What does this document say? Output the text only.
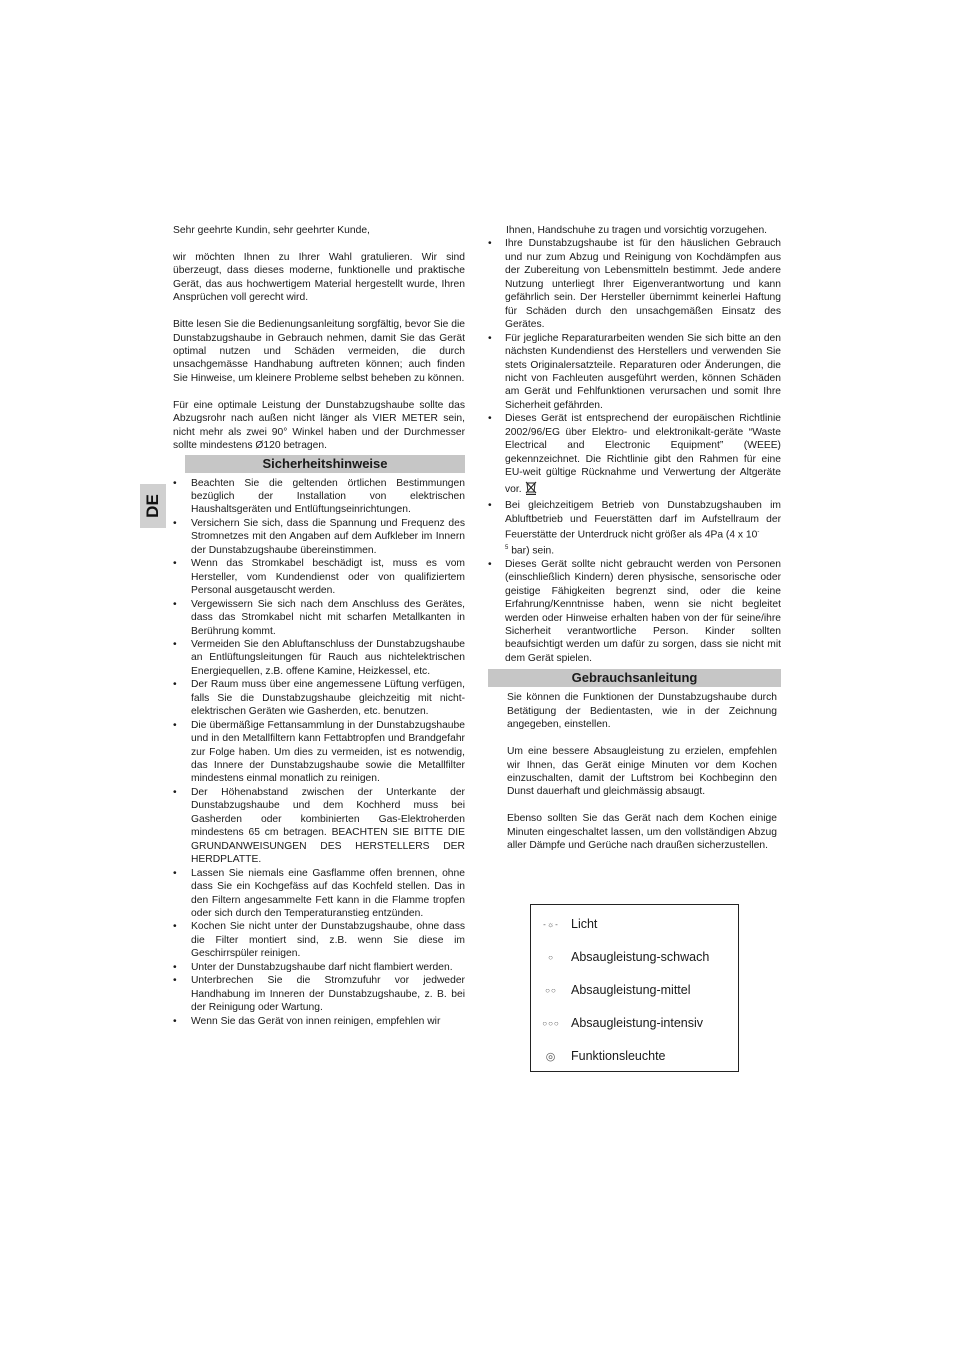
DE

Sehr geehrte Kundin, sehr geehrter Kunde,

wir möchten Ihnen zu Ihrer Wahl gratulieren. Wir sind überzeugt, dass dieses moderne, funktionelle und praktische Gerät, das aus hochwertigem Material hergestellt wurde, Ihren Ansprüchen voll gerecht wird.

Bitte lesen Sie die Bedienungsanleitung sorgfältig, bevor Sie die Dunstabzugshaube in Gebrauch nehmen, damit Sie das Gerät optimal nutzen und Schäden vermeiden, die durch unsachgemässe Handhabung auftreten können; auch finden Sie Hinweise, um kleinere Probleme selbst beheben zu können.

Für eine optimale Leistung der Dunstabzugshaube sollte das Abzugsrohr nach außen nicht länger als VIER METER sein, nicht mehr als zwei 90° Winkel haben und der Durchmesser sollte mindestens Ø120 betragen.

Sicherheitshinweise
• Beachten Sie die geltenden örtlichen Bestimmungen bezüglich der Installation von elektrischen Haushaltsgeräten und Entlüftungseinrichtungen.
• Versichern Sie sich, dass die Spannung und Frequenz des Stromnetzes mit den Angaben auf dem Aufkleber im Innern der Dunstabzugshaube übereinstimmen.
• Wenn das Stromkabel beschädigt ist, muss es vom Hersteller, vom Kundendienst oder von qualifiziertem Personal ausgetauscht werden.
• Vergewissern Sie sich nach dem Anschluss des Gerätes, dass das Stromkabel nicht mit scharfen Metallkanten in Berührung kommt.
• Vermeiden Sie den Abluftanschluss der Dunstabzugshaube an Entlüftungsleitungen für Rauch aus nichtelektrischen Energiequellen, z.B. offene Kamine, Heizkessel, etc.
• Der Raum muss über eine angemessene Lüftung verfügen, falls Sie die Dunstabzugshaube gleichzeitig mit nicht-elektrischen Geräten wie Gasherden, etc. benutzen.
• Die übermäßige Fettansammlung in der Dunstabzugshaube und in den Metallfiltern kann Fettabtropfen und Brandgefahr zur Folge haben. Um dies zu vermeiden, ist es notwendig, das Innere der Dunstabzugshaube sowie die Metallfilter mindestens einmal monatlich zu reinigen.
• Der Höhenabstand zwischen der Unterkante der Dunstabzugshaube und dem Kochherd muss bei Gasherden oder kombinierten Gas-Elektroherden mindestens 65 cm betragen. BEACHTEN SIE BITTE DIE GRUNDANWEISUNGEN DES HERSTELLERS DER HERDPLATTE.
• Lassen Sie niemals eine Gasflamme offen brennen, ohne dass Sie ein Kochgefäss auf das Kochfeld stellen. Das in den Filtern angesammelte Fett kann in die Flamme tropfen oder sich durch den Temperaturanstieg entzünden.
• Kochen Sie nicht unter der Dunstabzugshaube, ohne dass die Filter montiert sind, z.B. wenn Sie diese im Geschirrspüler reinigen.
• Unter der Dunstabzugshaube darf nicht flambiert werden.
• Unterbrechen Sie die Stromzufuhr vor jedweder Handhabung im Inneren der Dunstabzugshaube, z. B. bei der Reinigung oder Wartung.
• Wenn Sie das Gerät von innen reinigen, empfehlen wir

Ihnen, Handschuhe zu tragen und vorsichtig vorzugehen.

• Ihre Dunstabzugshaube ist für den häuslichen Gebrauch und nur zum Abzug und Reinigung von Kochdämpfen aus der Zubereitung von Lebensmitteln bestimmt. Jede andere Nutzung unterliegt Ihrer Eigenverantwortung und kann gefährlich sein. Der Hersteller übernimmt keinerlei Haftung für Schäden durch den unsachgemäßen Einsatz des Gerätes.
• Für jegliche Reparaturarbeiten wenden Sie sich bitte an den nächsten Kundendienst des Herstellers und verwenden Sie stets Originalersatzteile. Reparaturen oder Änderungen, die nicht von Fachleuten ausgeführt werden, können Schäden am Gerät und Fehlfunktionen verursachen und somit Ihre Sicherheit gefährden.
• Dieses Gerät ist entsprechend der europäischen Richtlinie 2002/96/EG über Elektro- und elektronikalt-geräte “Waste Electrical and Electronic Equipment” (WEEE) gekennzeichnet. Die Richtlinie gibt den Rahmen für eine EU-weit gültige Rücknahme und Verwertung der Altgeräte vor.
• Bei gleichzeitigem Betrieb von Dunstabzugshauben im Abluftbetrieb und Feuerstätten darf im Aufstellraum der Feuerstätte der Unterdruck nicht größer als 4Pa (4 x 10-
$^5$ bar) sein.
• Dieses Gerät sollte nicht gebraucht werden von Personen (einschließlich Kindern) deren physische, sensorische oder geistige Fähigkeiten begrenzt sind, oder die keine Erfahrung/Kenntnisse haben, wenn sie nicht begleitet werden oder Hinweise erhalten haben von der für seine/ihre Sicherheit verantwortliche Person. Kinder sollten beaufsichtigt werden um dafür zu sorgen, dass sie nicht mit dem Gerät spielen.
Gebrauchsanleitung

Sie können die Funktionen der Dunstabzugshaube durch Betätigung der Bedientasten, wie in der Zeichnung angegeben, einstellen.

Um eine bessere Absaugleistung zu erzielen, empfehlen wir Ihnen, das Gerät einige Minuten vor dem Kochen einzuschalten, damit der Luftstrom bei Kochbeginn den Dunst dauerhaft und gleichmässig absaugt.

Ebenso sollten Sie das Gerät nach dem Kochen einige Minuten eingeschaltet lassen, um den vollständigen Abzug aller Dämpfe und Gerüche nach draußen sicherzustellen.

-☼- Licht
○	Absaugleistung-schwach
○○	Absaugleistung-mittel
○○○ Absaugleistung-intensiv
◎	Funktionsleuchte
